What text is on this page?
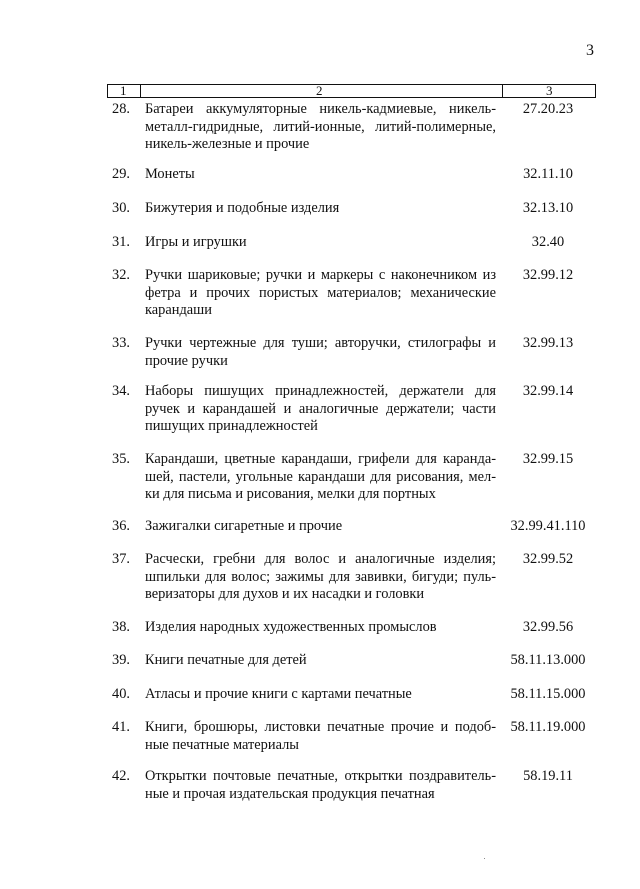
3
1	2	3
28.	Батареи аккумуляторные никель-кадмиевые, никель-
металл-гидридные, литий-ионные, литий-полимерные,
никель-железные и прочие
27.20.23
29.	Монеты	32.11.10
30.	Бижутерия и подобные изделия	32.13.10
31.	Игры и игрушки	32.40
32.	Ручки шариковые; ручки и маркеры с наконечником из
фетра и прочих пористых материалов; механические
карандаши
32.99.12
33.	Ручки чертежные для туши; авторучки, стилографы и
прочие ручки
32.99.13
34.	Наборы пишущих принадлежностей, держатели для
ручек и карандашей и аналогичные держатели; части
пишущих принадлежностей
32.99.14
35.	Карандаши, цветные карандаши, грифели для каранда-
шей, пастели, угольные карандаши для рисования, мел-
ки для письма и рисования, мелки для портных
32.99.15
36.	Зажигалки сигаретные и прочие	32.99.41.110
37.	Расчески, гребни для волос и аналогичные изделия;
шпильки для волос; зажимы для завивки, бигуди; пуль-
веризаторы для духов и их насадки и головки
32.99.52
38.	Изделия народных художественных промыслов	32.99.56
39.	Книги печатные для детей	58.11.13.000
40.	Атласы и прочие книги с картами печатные	58.11.15.000
41.	Книги, брошюры, листовки печатные прочие и подоб-
ные печатные материалы
58.11.19.000
42.	Открытки почтовые печатные, открытки поздравитель-
ные и прочая издательская продукция печатная
58.19.11
